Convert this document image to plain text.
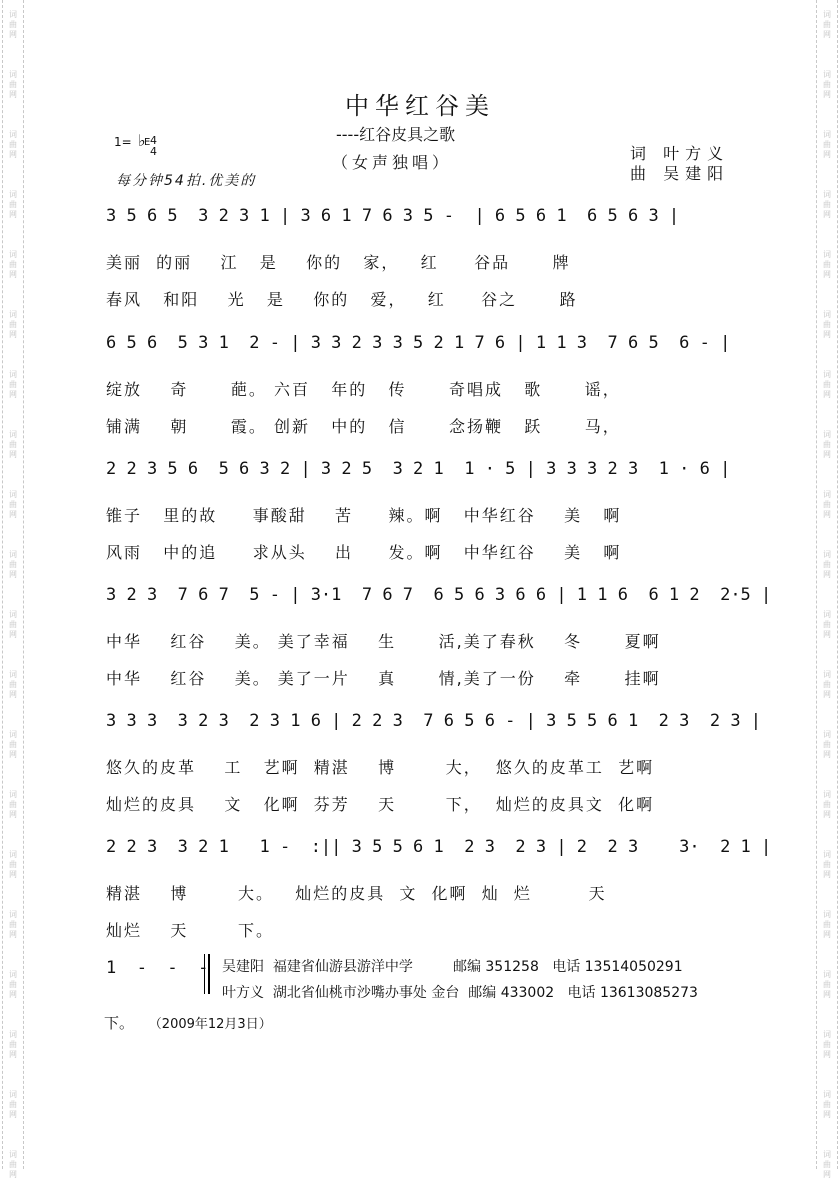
词曲网
词曲网
词曲网
词曲网
词曲网
词曲网
词曲网
词曲网
词曲网
词曲网
词曲网
词曲网
词曲网
词曲网
词曲网
词曲网
词曲网
词曲网
词曲网
词曲网
词曲网
词曲网
词曲网
词曲网
词曲网
词曲网
词曲网
词曲网
词曲网
词曲网
词曲网
词曲网
词曲网
词曲网
词曲网
词曲网
词曲网
词曲网
词曲网
词曲网
中华红谷美
----红谷皮具之歌
（女声独唱）
1= ♭
E 4
4
每分钟54拍.优美的
词 叶方义
曲 吴建阳
3 5 6 5  3 2 3 1 | 3 6 1 7 6 3 5 -  | 6 5 6 1  6 5 6 3 |
美丽  的丽    江   是    你的   家，   红     谷品      牌
春风   和阳    光   是    你的   爱，   红     谷之      路
6 5 6  5 3 1  2 - | 3 3 2 3 3 5 2 1 7 6 | 1 1 3  7 6 5  6 - |
绽放    奇      葩。 六百   年的   传      奇唱成   歌      谣，
铺满    朝      霞。 创新   中的   信      念扬鞭   跃      马，
2 2 3 5 6  5 6 3 2 | 3 2 5  3 2 1  1 · 5 | 3 3 3 2 3  1 · 6 |
锥子   里的故     事酸甜    苦     辣。啊   中华红谷    美   啊
风雨   中的追     求从头    出     发。啊   中华红谷    美   啊
3 2 3  7 6 7  5 - | 3·1  7 6 7  6 5 6 3 6 6 | 1 1 6  6 1 2  2·5 |
中华    红谷    美。 美了幸福    生      活,美了春秋    冬      夏啊
中华    红谷    美。 美了一片    真      情,美了一份    牵      挂啊
3 3 3  3 2 3  2 3 1 6 | 2 2 3  7 6 5 6 - | 3 5 5 6 1  2 3  2 3 |
悠久的皮革    工   艺啊  精湛    博       大，  悠久的皮革工  艺啊
灿烂的皮具    文   化啊  芬芳    天       下，  灿烂的皮具文  化啊
2 2 3  3 2 1   1 -  :|| 3 5 5 6 1  2 3  2 3 | 2  2 3    3·  2 1 |
精湛    博       大。   灿烂的皮具  文  化啊  灿  烂        天
灿烂    天       下。
1  -  -  - 吴建阳  福建省仙游县游洋中学         邮编 351258   电话 13514050291
叶方义  湖北省仙桃市沙嘴办事处 金台  邮编 433002   电话 13613085273
下。 （2009年12月3日）
